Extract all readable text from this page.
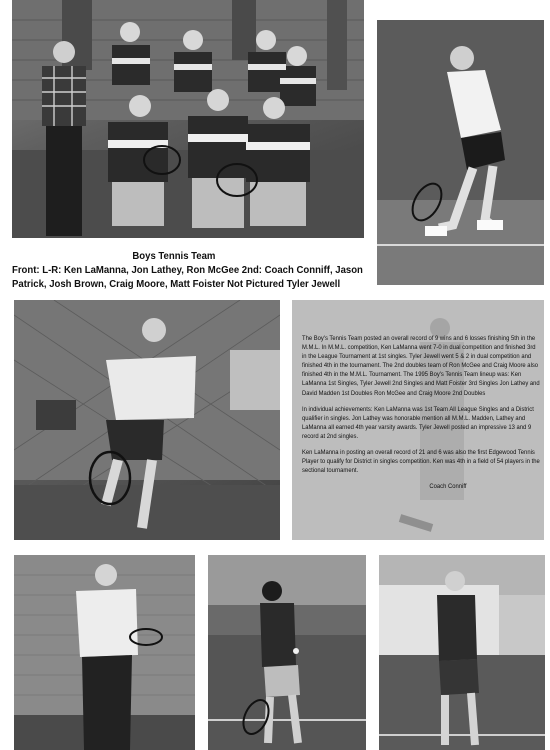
Boys Tennis Team
Front: L-R: Ken LaManna, Jon Lathey, Ron McGee 2nd: Coach Conniff, Jason Patrick, Josh Brown, Craig Moore, Matt Foister Not Pictured Tyler Jewell

The Boy's Tennis Team posted an overall record of 9 wins and 6 losses finishing 5th in the M.M.L. In M.M.L. competition, Ken LaManna went 7-0 in dual competition and finished 3rd in the League Tournament at 1st singles. Tyler Jewell went 5 & 2 in dual competition and finished 4th in the tournament. The 2nd doubles team of Ron McGee and Craig Moore also finished 4th in the M.M.L. Tournament. The 1995 Boy's Tennis Team lineup was: Ken LaManna 1st Singles, Tyler Jewell 2nd Singles and Matt Foister 3rd Singles Jon Lathey and David Madden 1st Doubles Ron McGee and Craig Moore 2nd Doubles

In individual achievements: Ken LaManna was 1st Team All League Singles and a District qualifier in singles. Jon Lathey was honorable mention all M.M.L. Madden, Lathey and LaManna all earned 4th year varsity awards. Tyler Jewell posted an impressive 13 and 9 record at 2nd singles.

Ken LaManna in posting an overall record of 21 and 6 was also the first Edgewood Tennis Player to qualify for District in singles competition. Ken was 4th in a field of 54 players in the sectional tournament.

Coach Conniff
